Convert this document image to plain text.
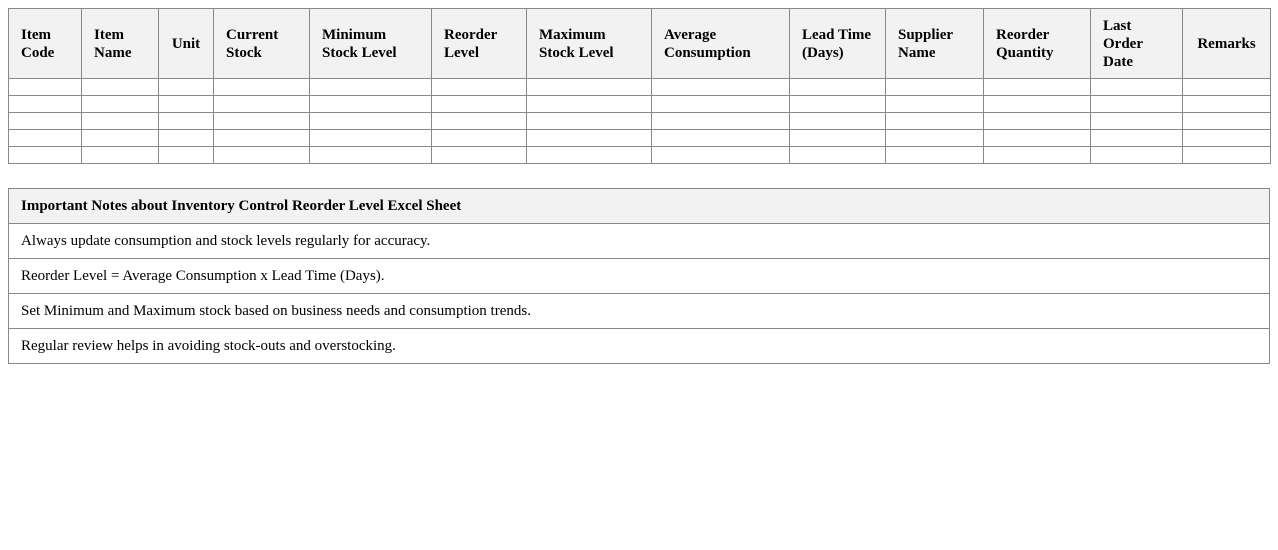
Item Code	Item Name	Unit	Current Stock	Minimum Stock Level	Reorder Level	Maximum Stock Level	Average Consumption	Lead Time (Days)	Supplier Name	Reorder Quantity	Last Order Date	Remarks

Important Notes about Inventory Control Reorder Level Excel Sheet
Always update consumption and stock levels regularly for accuracy.
Reorder Level = Average Consumption x Lead Time (Days).
Set Minimum and Maximum stock based on business needs and consumption trends.
Regular review helps in avoiding stock-outs and overstocking.
